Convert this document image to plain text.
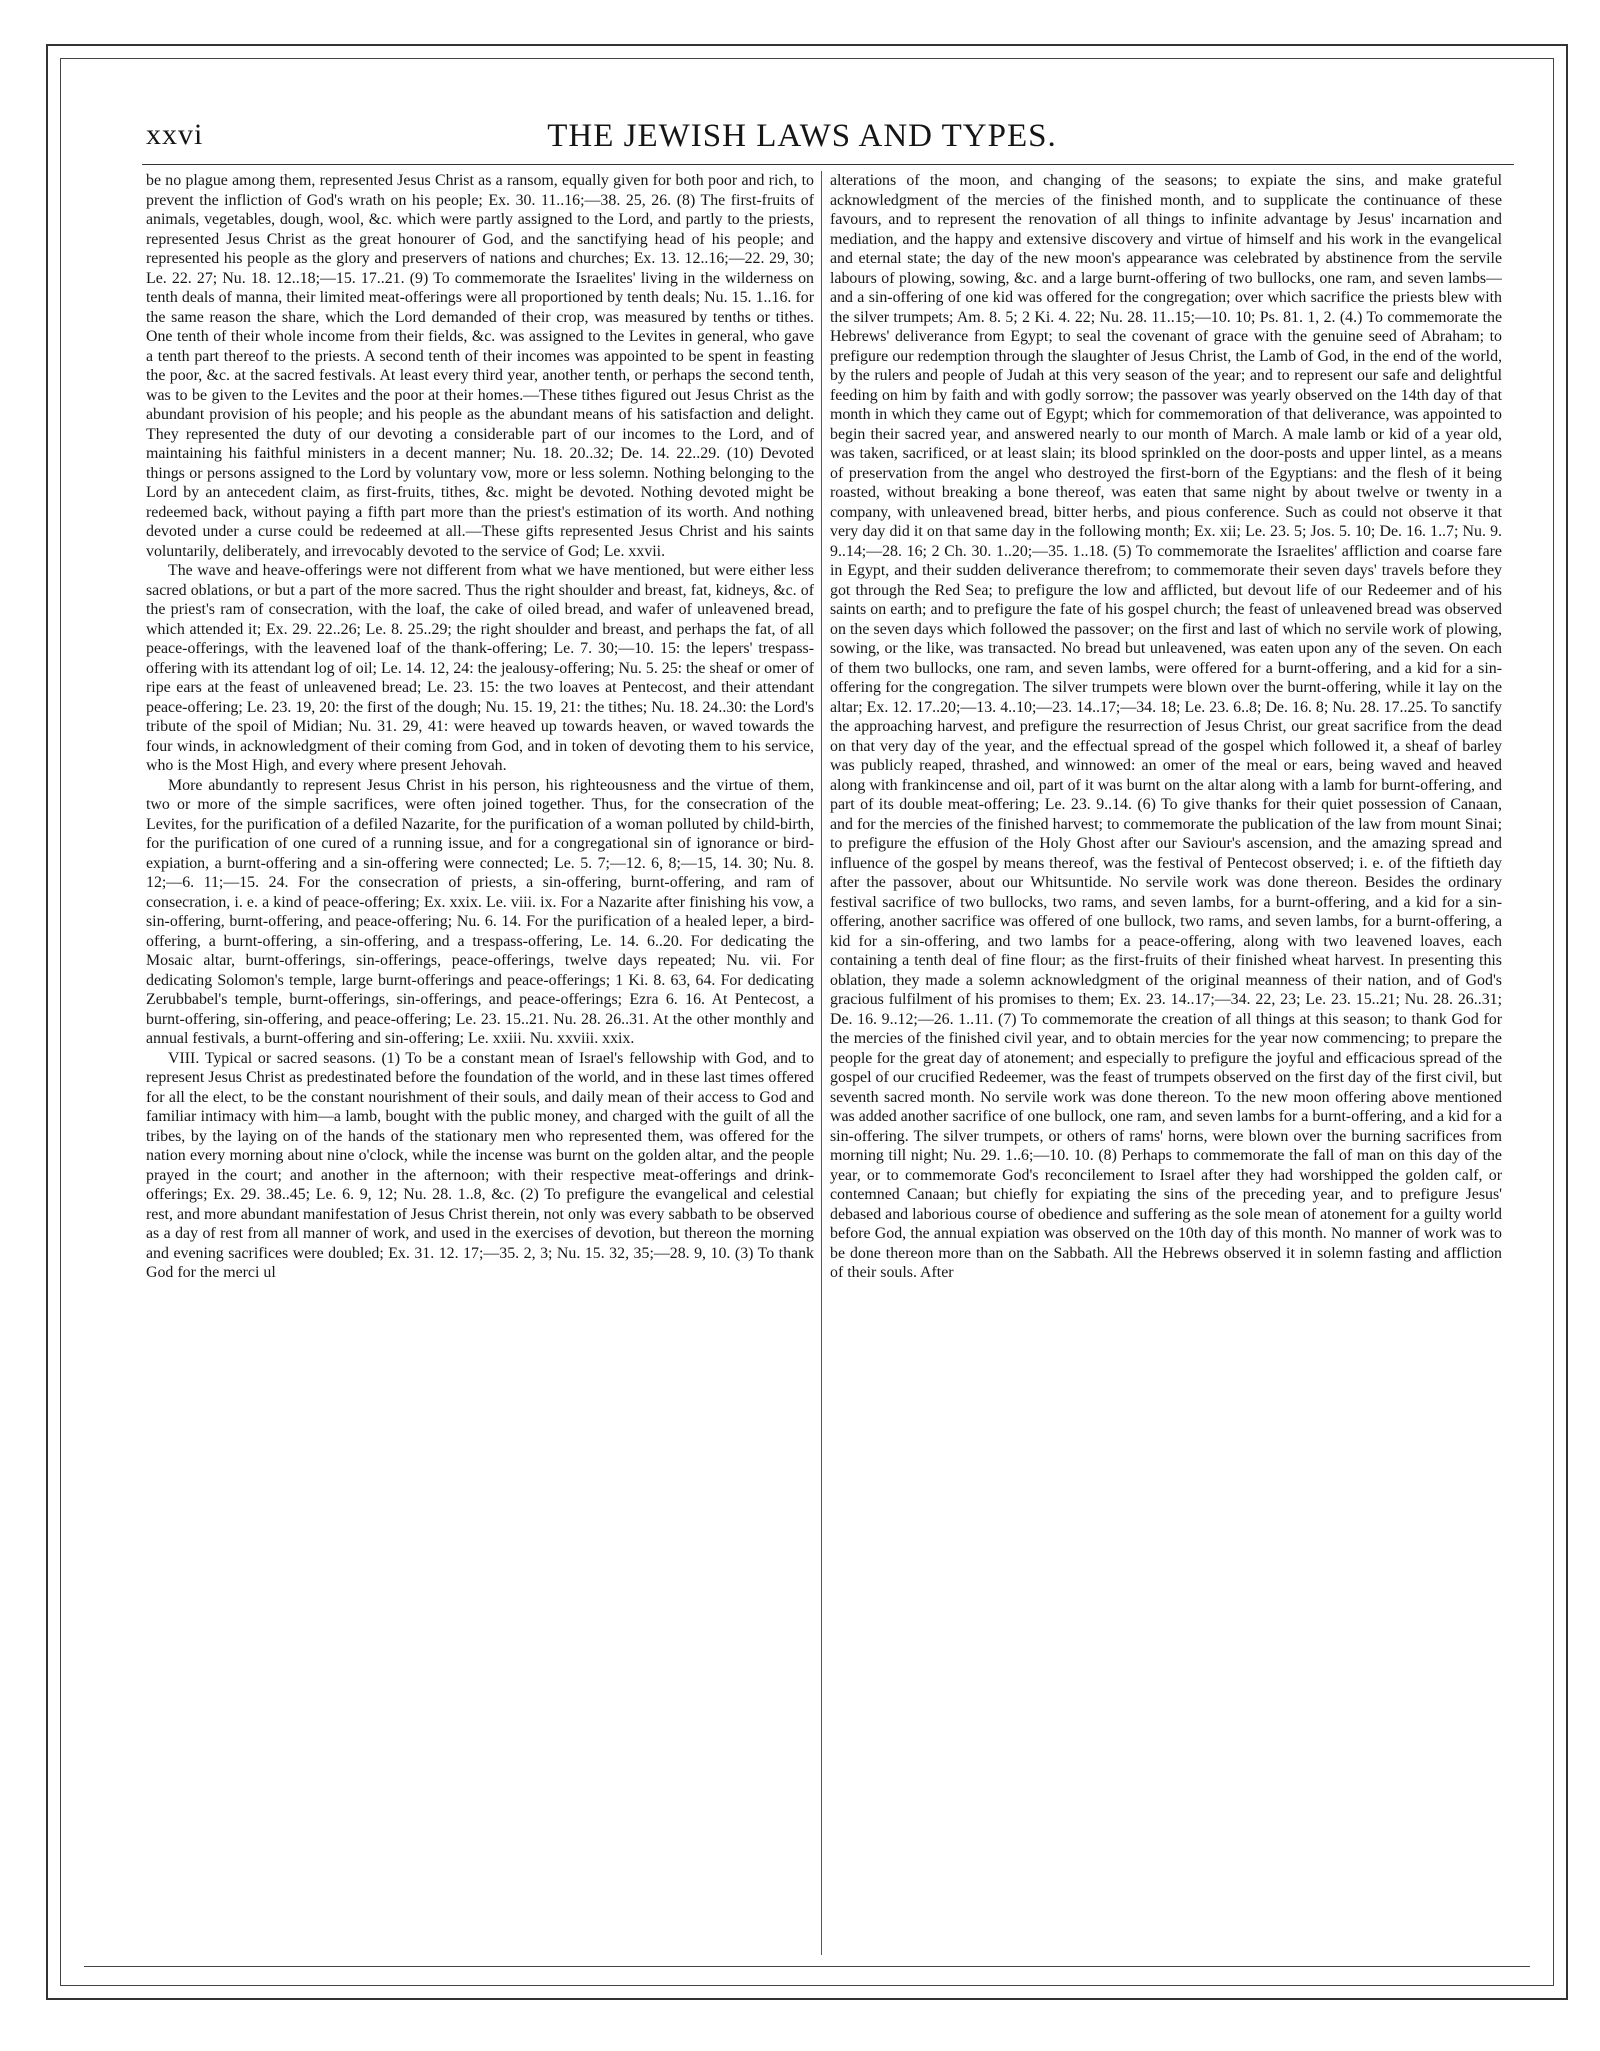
xxvi	THE JEWISH LAWS AND TYPES.

be no plague among them, represented Jesus Christ as a ransom, equally given for both poor and rich, to prevent the infliction of God's wrath on his people; Ex. 30. 11..16;—38. 25, 26. (8) The first-fruits of animals, vegetables, dough, wool, &c. which were partly assigned to the Lord, and partly to the priests, represented Jesus Christ as the great honourer of God, and the sanctifying head of his people; and represented his people as the glory and preservers of nations and churches; Ex. 13. 12..16;—22. 29, 30; Le. 22. 27; Nu. 18. 12..18;—15. 17..21. (9) To commemorate the Israelites' living in the wilderness on tenth deals of manna, their limited meat-offerings were all proportioned by tenth deals; Nu. 15. 1..16. for the same reason the share, which the Lord demanded of their crop, was measured by tenths or tithes. One tenth of their whole income from their fields, &c. was assigned to the Levites in general, who gave a tenth part thereof to the priests. A second tenth of their incomes was appointed to be spent in feasting the poor, &c. at the sacred festivals. At least every third year, another tenth, or perhaps the second tenth, was to be given to the Levites and the poor at their homes.—These tithes figured out Jesus Christ as the abundant provision of his people; and his people as the abundant means of his satisfaction and delight. They represented the duty of our devoting a considerable part of our incomes to the Lord, and of maintaining his faithful ministers in a decent manner; Nu. 18. 20..32; De. 14. 22..29. (10) Devoted things or persons assigned to the Lord by voluntary vow, more or less solemn. Nothing belonging to the Lord by an antecedent claim, as first-fruits, tithes, &c. might be devoted. Nothing devoted might be redeemed back, without paying a fifth part more than the priest's estimation of its worth. And nothing devoted under a curse could be redeemed at all.—These gifts represented Jesus Christ and his saints voluntarily, deliberately, and irrevocably devoted to the service of God; Le. xxvii.

The wave and heave-offerings were not different from what we have mentioned, but were either less sacred oblations, or but a part of the more sacred. Thus the right shoulder and breast, fat, kidneys, &c. of the priest's ram of consecration, with the loaf, the cake of oiled bread, and wafer of unleavened bread, which attended it; Ex. 29. 22..26; Le. 8. 25..29; the right shoulder and breast, and perhaps the fat, of all peace-offerings, with the leavened loaf of the thank-offering; Le. 7. 30;—10. 15: the lepers' trespass-offering with its attendant log of oil; Le. 14. 12, 24: the jealousy-offering; Nu. 5. 25: the sheaf or omer of ripe ears at the feast of unleavened bread; Le. 23. 15: the two loaves at Pentecost, and their attendant peace-offering; Le. 23. 19, 20: the first of the dough; Nu. 15. 19, 21: the tithes; Nu. 18. 24..30: the Lord's tribute of the spoil of Midian; Nu. 31. 29, 41: were heaved up towards heaven, or waved towards the four winds, in acknowledgment of their coming from God, and in token of devoting them to his service, who is the Most High, and every where present Jehovah.

More abundantly to represent Jesus Christ in his person, his righteousness and the virtue of them, two or more of the simple sacrifices, were often joined together. Thus, for the consecration of the Levites, for the purification of a defiled Nazarite, for the purification of a woman polluted by child-birth, for the purification of one cured of a running issue, and for a congregational sin of ignorance or bird-expiation, a burnt-offering and a sin-offering were connected; Le. 5. 7;—12. 6, 8;—15, 14. 30; Nu. 8. 12;—6. 11;—15. 24. For the consecration of priests, a sin-offering, burnt-offering, and ram of consecration, i. e. a kind of peace-offering; Ex. xxix. Le. viii. ix. For a Nazarite after finishing his vow, a sin-offering, burnt-offering, and peace-offering; Nu. 6. 14. For the purification of a healed leper, a bird-offering, a burnt-offering, a sin-offering, and a trespass-offering, Le. 14. 6..20. For dedicating the Mosaic altar, burnt-offerings, sin-offerings, peace-offerings, twelve days repeated; Nu. vii. For dedicating Solomon's temple, large burnt-offerings and peace-offerings; 1 Ki. 8. 63, 64. For dedicating Zerubbabel's temple, burnt-offerings, sin-offerings, and peace-offerings; Ezra 6. 16. At Pentecost, a burnt-offering, sin-offering, and peace-offering; Le. 23. 15..21. Nu. 28. 26..31. At the other monthly and annual festivals, a burnt-offering and sin-offering; Le. xxiii. Nu. xxviii. xxix.

VIII. Typical or sacred seasons. (1) To be a constant mean of Israel's fellowship with God, and to represent Jesus Christ as predestinated before the foundation of the world, and in these last times offered for all the elect, to be the constant nourishment of their souls, and daily mean of their access to God and familiar intimacy with him—a lamb, bought with the public money, and charged with the guilt of all the tribes, by the laying on of the hands of the stationary men who represented them, was offered for the nation every morning about nine o'clock, while the incense was burnt on the golden altar, and the people prayed in the court; and another in the afternoon; with their respective meat-offerings and drink-offerings; Ex. 29. 38..45; Le. 6. 9, 12; Nu. 28. 1..8, &c. (2) To prefigure the evangelical and celestial rest, and more abundant manifestation of Jesus Christ therein, not only was every sabbath to be observed as a day of rest from all manner of work, and used in the exercises of devotion, but thereon the morning and evening sacrifices were doubled; Ex. 31. 12. 17;—35. 2, 3; Nu. 15. 32, 35;—28. 9, 10. (3) To thank God for the merci ul

alterations of the moon, and changing of the seasons; to expiate the sins, and make grateful acknowledgment of the mercies of the finished month, and to supplicate the continuance of these favours, and to represent the renovation of all things to infinite advantage by Jesus' incarnation and mediation, and the happy and extensive discovery and virtue of himself and his work in the evangelical and eternal state; the day of the new moon's appearance was celebrated by abstinence from the servile labours of plowing, sowing, &c. and a large burnt-offering of two bullocks, one ram, and seven lambs—and a sin-offering of one kid was offered for the congregation; over which sacrifice the priests blew with the silver trumpets; Am. 8. 5; 2 Ki. 4. 22; Nu. 28. 11..15;—10. 10; Ps. 81. 1, 2. (4.) To commemorate the Hebrews' deliverance from Egypt; to seal the covenant of grace with the genuine seed of Abraham; to prefigure our redemption through the slaughter of Jesus Christ, the Lamb of God, in the end of the world, by the rulers and people of Judah at this very season of the year; and to represent our safe and delightful feeding on him by faith and with godly sorrow; the passover was yearly observed on the 14th day of that month in which they came out of Egypt; which for commemoration of that deliverance, was appointed to begin their sacred year, and answered nearly to our month of March. A male lamb or kid of a year old, was taken, sacrificed, or at least slain; its blood sprinkled on the door-posts and upper lintel, as a means of preservation from the angel who destroyed the first-born of the Egyptians: and the flesh of it being roasted, without breaking a bone thereof, was eaten that same night by about twelve or twenty in a company, with unleavened bread, bitter herbs, and pious conference. Such as could not observe it that very day did it on that same day in the following month; Ex. xii; Le. 23. 5; Jos. 5. 10; De. 16. 1..7; Nu. 9. 9..14;—28. 16; 2 Ch. 30. 1..20;—35. 1..18. (5) To commemorate the Israelites' affliction and coarse fare in Egypt, and their sudden deliverance therefrom; to commemorate their seven days' travels before they got through the Red Sea; to prefigure the low and afflicted, but devout life of our Redeemer and of his saints on earth; and to prefigure the fate of his gospel church; the feast of unleavened bread was observed on the seven days which followed the passover; on the first and last of which no servile work of plowing, sowing, or the like, was transacted. No bread but unleavened, was eaten upon any of the seven. On each of them two bullocks, one ram, and seven lambs, were offered for a burnt-offering, and a kid for a sin-offering for the congregation. The silver trumpets were blown over the burnt-offering, while it lay on the altar; Ex. 12. 17..20;—13. 4..10;—23. 14..17;—34. 18; Le. 23. 6..8; De. 16. 8; Nu. 28. 17..25. To sanctify the approaching harvest, and prefigure the resurrection of Jesus Christ, our great sacrifice from the dead on that very day of the year, and the effectual spread of the gospel which followed it, a sheaf of barley was publicly reaped, thrashed, and winnowed: an omer of the meal or ears, being waved and heaved along with frankincense and oil, part of it was burnt on the altar along with a lamb for burnt-offering, and part of its double meat-offering; Le. 23. 9..14. (6) To give thanks for their quiet possession of Canaan, and for the mercies of the finished harvest; to commemorate the publication of the law from mount Sinai; to prefigure the effusion of the Holy Ghost after our Saviour's ascension, and the amazing spread and influence of the gospel by means thereof, was the festival of Pentecost observed; i. e. of the fiftieth day after the passover, about our Whitsuntide. No servile work was done thereon. Besides the ordinary festival sacrifice of two bullocks, two rams, and seven lambs, for a burnt-offering, and a kid for a sin-offering, another sacrifice was offered of one bullock, two rams, and seven lambs, for a burnt-offering, a kid for a sin-offering, and two lambs for a peace-offering, along with two leavened loaves, each containing a tenth deal of fine flour; as the first-fruits of their finished wheat harvest. In presenting this oblation, they made a solemn acknowledgment of the original meanness of their nation, and of God's gracious fulfilment of his promises to them; Ex. 23. 14..17;—34. 22, 23; Le. 23. 15..21; Nu. 28. 26..31; De. 16. 9..12;—26. 1..11. (7) To commemorate the creation of all things at this season; to thank God for the mercies of the finished civil year, and to obtain mercies for the year now commencing; to prepare the people for the great day of atonement; and especially to prefigure the joyful and efficacious spread of the gospel of our crucified Redeemer, was the feast of trumpets observed on the first day of the first civil, but seventh sacred month. No servile work was done thereon. To the new moon offering above mentioned was added another sacrifice of one bullock, one ram, and seven lambs for a burnt-offering, and a kid for a sin-offering. The silver trumpets, or others of rams' horns, were blown over the burning sacrifices from morning till night; Nu. 29. 1..6;—10. 10. (8) Perhaps to commemorate the fall of man on this day of the year, or to commemorate God's reconcilement to Israel after they had worshipped the golden calf, or contemned Canaan; but chiefly for expiating the sins of the preceding year, and to prefigure Jesus' debased and laborious course of obedience and suffering as the sole mean of atonement for a guilty world before God, the annual expiation was observed on the 10th day of this month. No manner of work was to be done thereon more than on the Sabbath. All the Hebrews observed it in solemn fasting and affliction of their souls. After
